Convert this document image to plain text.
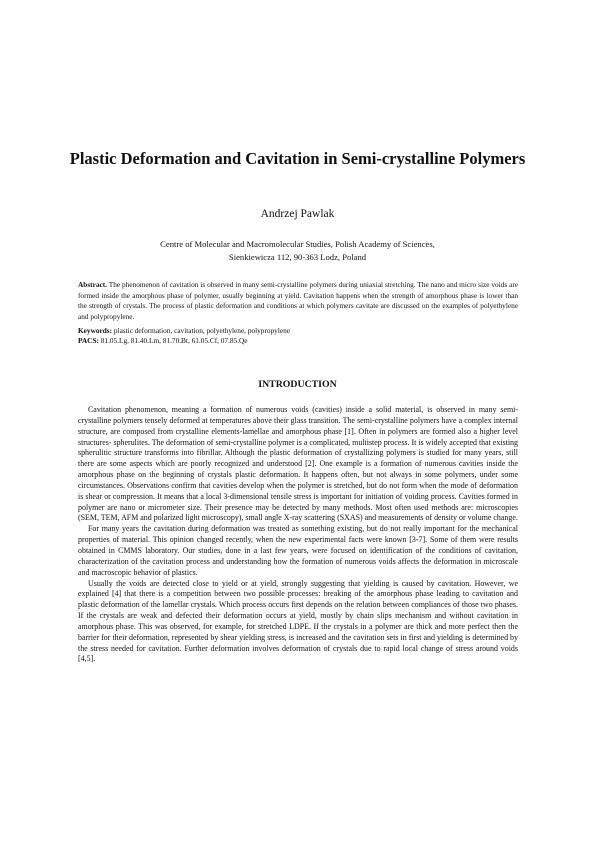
Plastic Deformation and Cavitation in Semi-crystalline Polymers
Andrzej Pawlak
Centre of Molecular and Macromolecular Studies, Polish Academy of Sciences,
Sienkiewicza 112, 90-363 Lodz, Poland
Abstract. The phenomenon of cavitation is observed in many semi-crystalline polymers during uniaxial stretching. The nano and micro size voids are formed inside the amorphous phase of polymer, usually beginning at yield. Cavitation happens when the strength of amorphous phase is lower than the strength of crystals. The process of plastic deformation and conditions at which polymers cavitate are discussed on the examples of polyethylene and polypropylene.
Keywords: plastic deformation, cavitation, polyethylene, polypropylene
PACS: 81.05.Lg, 81.40.Lm, 81.70.Bt, 61.05.Cf, 07.85.Qe
INTRODUCTION

Cavitation phenomenon, meaning a formation of numerous voids (cavities) inside a solid material, is observed in many semi-crystalline polymers tensely deformed at temperatures above their glass transition. The semi-crystalline polymers have a complex internal structure, are composed from crystalline elements-lamellae and amorphous phase [1]. Often in polymers are formed also a higher level structures- spherulites. The deformation of semi-crystalline polymer is a complicated, multistep process. It is widely accepted that existing spherulitic structure transforms into fibrillar. Although the plastic deformation of crystallizing polymers is studied for many years, still there are some aspects which are poorly recognized and understood [2]. One example is a formation of numerous cavities inside the amorphous phase on the beginning of crystals plastic deformation. It happens often, but not always in some polymers, under some circumstances. Observations confirm that cavities develop when the polymer is stretched, but do not form when the mode of deformation is shear or compression. It means that a local 3-dimensional tensile stress is important for initiation of voiding process. Cavities formed in polymer are nano or micrometer size. Their presence may be detected by many methods. Most often used methods are: microscopies (SEM, TEM, AFM and polarized light microscopy), small angle X-ray scattering (SXAS) and measurements of density or volume change.

For many years the cavitation during deformation was treated as something existing, but do not really important for the mechanical properties of material. This opinion changed recently, when the new experimental facts were known [3-7]. Some of them were results obtained in CMMS laboratory. Our studies, done in a last few years, were focused on identification of the conditions of cavitation, characterization of the cavitation process and understanding how the formation of numerous voids affects the deformation in microscale and macroscopic behavior of plastics.

Usually the voids are detected close to yield or at yield, strongly suggesting that yielding is caused by cavitation. However, we explained [4] that there is a competition between two possible processes: breaking of the amorphous phase leading to cavitation and plastic deformation of the lamellar crystals. Which process occurs first depends on the relation between compliances of those two phases. If the crystals are weak and defected their deformation occurs at yield, mostly by chain slips mechanism and without cavitation in amorphous phase. This was observed, for example, for stretched LDPE. If the crystals in a polymer are thick and more perfect then the barrier for their deformation, represented by shear yielding stress, is increased and the cavitation sets in first and yielding is determined by the stress needed for cavitation. Further deformation involves deformation of crystals due to rapid local change of stress around voids [4,5].
